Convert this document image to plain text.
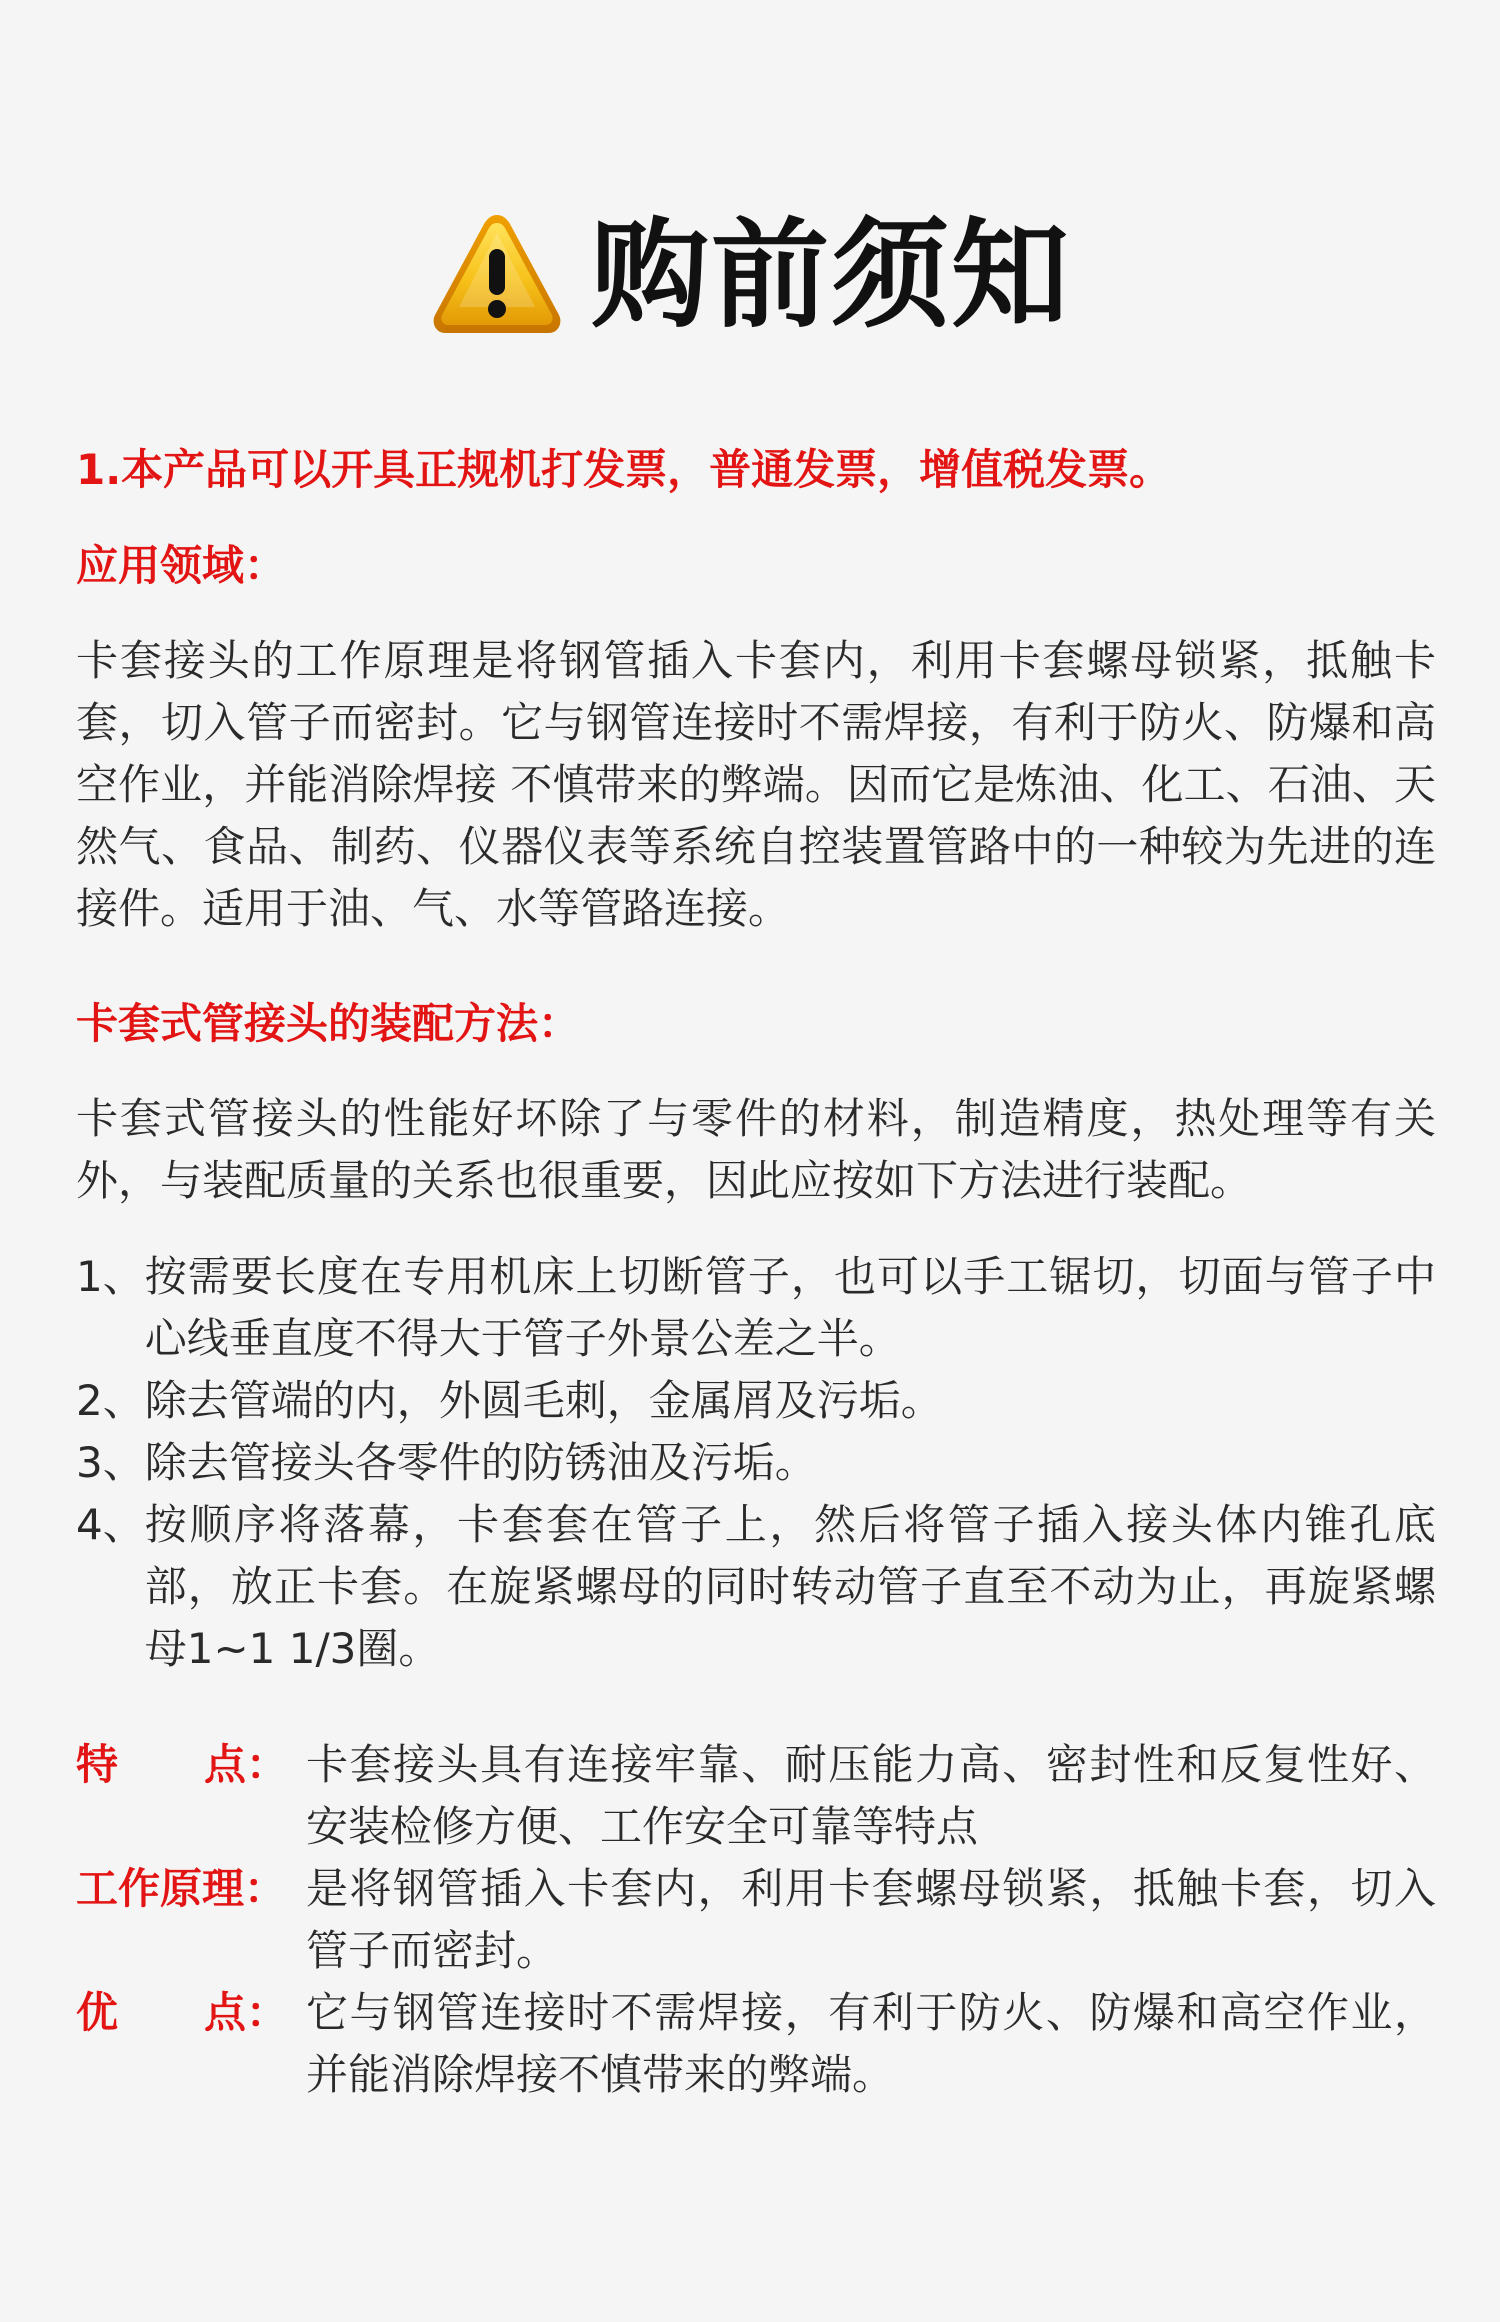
购前须知

1.本产品可以开具正规机打发票，普通发票，增值税发票。

应用领域：

卡套接头的工作原理是将钢管插入卡套内，利用卡套螺母锁紧，抵触卡套，切入管子而密封。它与钢管连接时不需焊接，有利于防火、防爆和高空作业，并能消除焊接 不慎带来的弊端。因而它是炼油、化工、石油、天然气、食品、制药、仪器仪表等系统自控装置管路中的一种较为先进的连接件。适用于油、气、水等管路连接。

卡套式管接头的装配方法：

卡套式管接头的性能好坏除了与零件的材料，制造精度，热处理等有关外，与装配质量的关系也很重要，因此应按如下方法进行装配。

1、 按需要长度在专用机床上切断管子，也可以手工锯切，切面与管子中心线垂直度不得大于管子外景公差之半。
2、 除去管端的内，外圆毛刺，金属屑及污垢。
3、 除去管接头各零件的防锈油及污垢。
4、 按顺序将落幕，卡套套在管子上，然后将管子插入接头体内锥孔底部，放正卡套。在旋紧螺母的同时转动管子直至不动为止，再旋紧螺母1~1 1/3圈。
特 点： 卡套接头具有连接牢靠、耐压能力高、密封性和反复性好、安装检修方便、工作安全可靠等特点
工作原理： 是将钢管插入卡套内，利用卡套螺母锁紧，抵触卡套，切入管子而密封。
优 点： 它与钢管连接时不需焊接，有利于防火、防爆和高空作业，并能消除焊接不慎带来的弊端。
